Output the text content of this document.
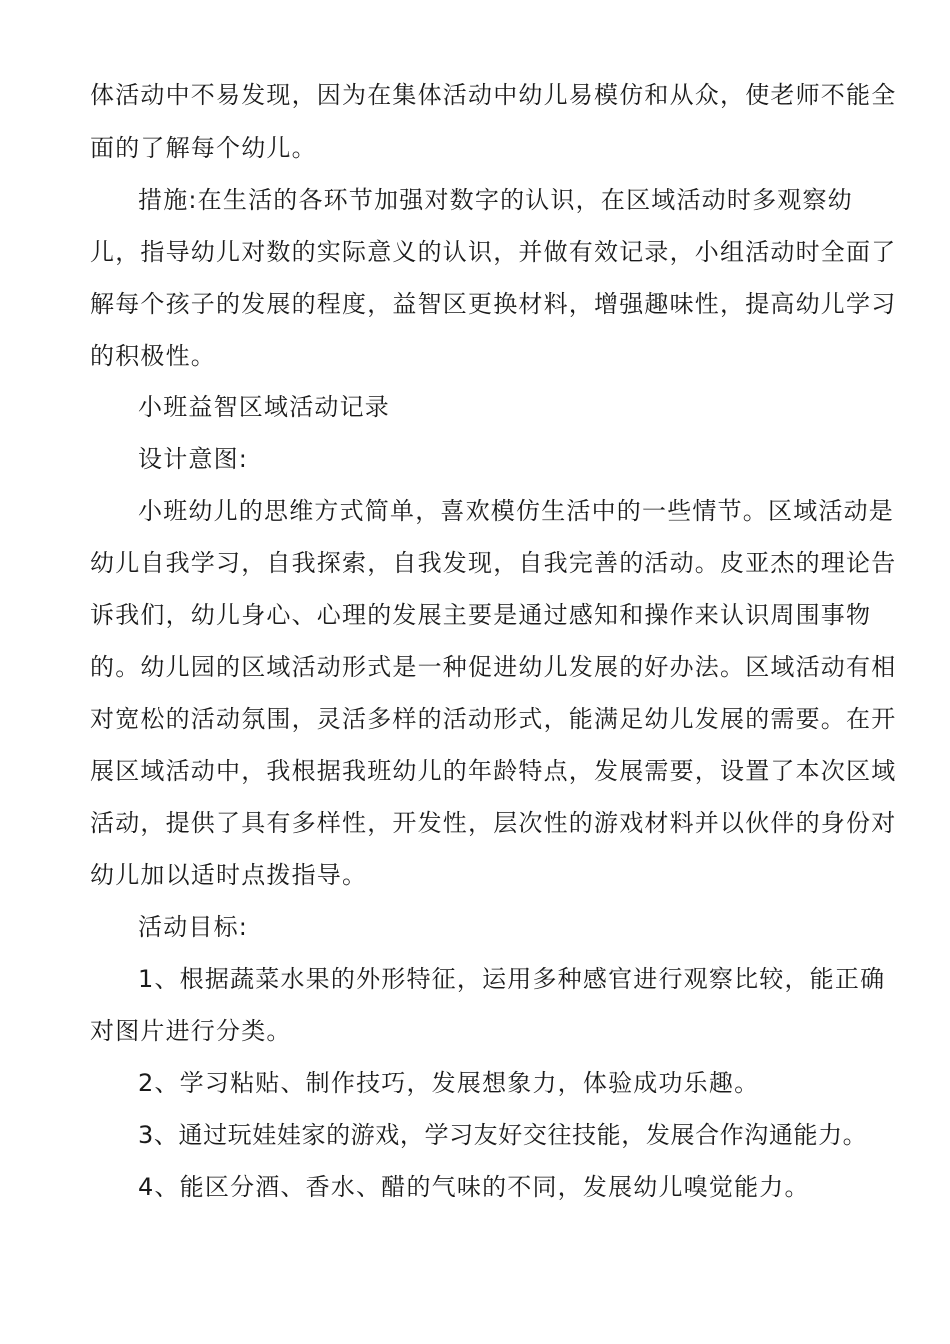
体活动中不易发现，因为在集体活动中幼儿易模仿和从众，使老师不能全
面的了解每个幼儿。
措施:在生活的各环节加强对数字的认识，在区域活动时多观察幼
儿，指导幼儿对数的实际意义的认识，并做有效记录，小组活动时全面了
解每个孩子的发展的程度，益智区更换材料，增强趣味性，提高幼儿学习
的积极性。
小班益智区域活动记录
设计意图:
小班幼儿的思维方式简单，喜欢模仿生活中的一些情节。区域活动是
幼儿自我学习，自我探索，自我发现，自我完善的活动。皮亚杰的理论告
诉我们，幼儿身心、心理的发展主要是通过感知和操作来认识周围事物
的。幼儿园的区域活动形式是一种促进幼儿发展的好办法。区域活动有相
对宽松的活动氛围，灵活多样的活动形式，能满足幼儿发展的需要。在开
展区域活动中，我根据我班幼儿的年龄特点，发展需要，设置了本次区域
活动，提供了具有多样性，开发性，层次性的游戏材料并以伙伴的身份对
幼儿加以适时点拨指导。
活动目标:
1、根据蔬菜水果的外形特征，运用多种感官进行观察比较，能正确
对图片进行分类。
2、学习粘贴、制作技巧，发展想象力，体验成功乐趣。
3、通过玩娃娃家的游戏，学习友好交往技能，发展合作沟通能力。
4、能区分酒、香水、醋的气味的不同，发展幼儿嗅觉能力。
